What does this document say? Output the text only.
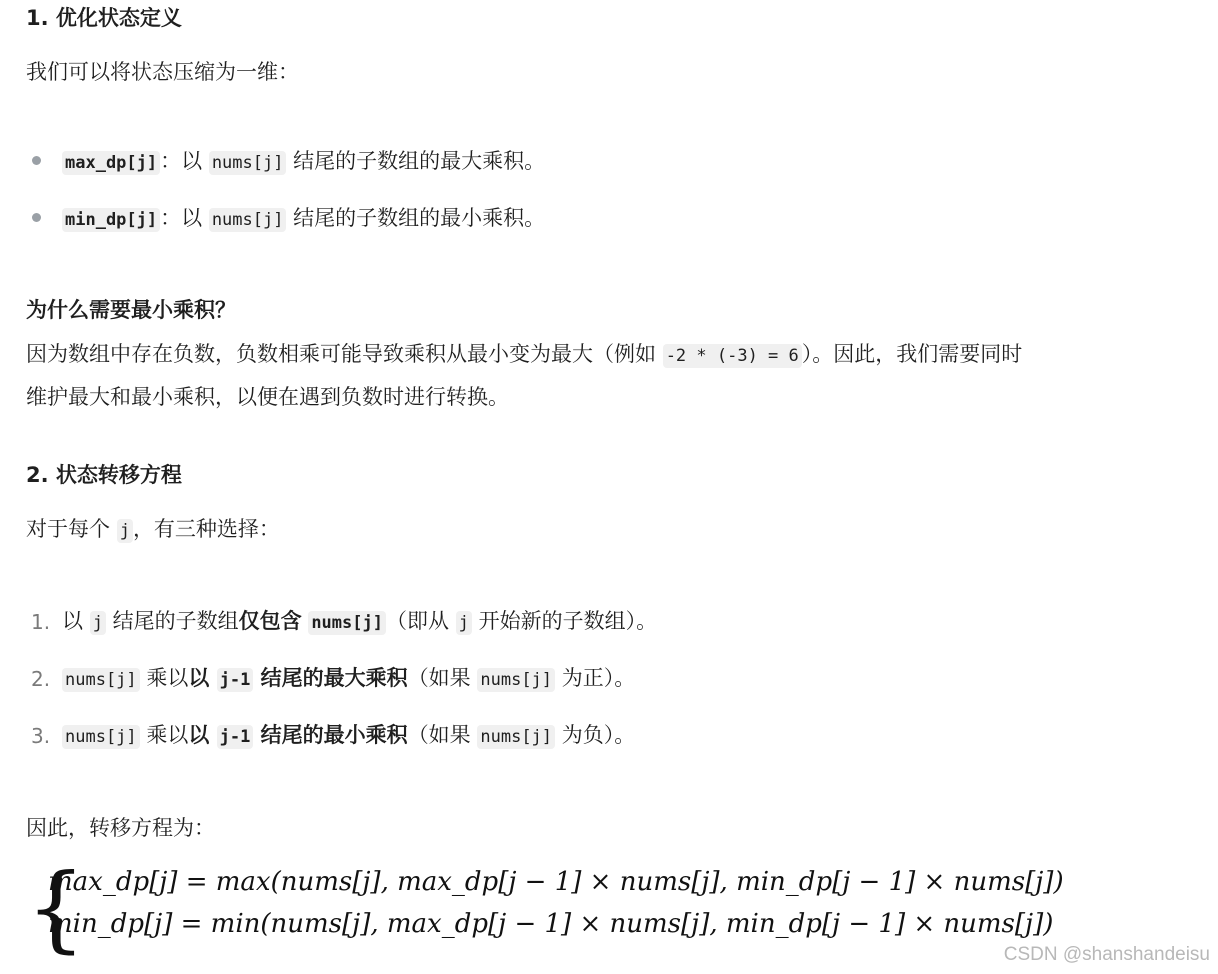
1. 优化状态定义
我们可以将状态压缩为一维：
max_dp[j] ：以 nums[j] 结尾的子数组的最大乘积。
min_dp[j] ：以 nums[j] 结尾的子数组的最小乘积。
为什么需要最小乘积？
因为数组中存在负数，负数相乘可能导致乘积从最小变为最大（例如 -2 * (-3) = 6 ）。因此，我们需要同时
维护最大和最小乘积，以便在遇到负数时进行转换。
2. 状态转移方程
对于每个 j ，有三种选择：
1. 以 j 结尾的子数组仅包含 nums[j] （即从 j 开始新的子数组）。
2. nums[j] 乘以以 j-1 结尾的最大乘积（如果 nums[j] 为正）。
3. nums[j] 乘以以 j-1 结尾的最小乘积（如果 nums[j] 为负）。
因此，转移方程为：
{
max_dp[j] = max(nums[j], max_dp[j − 1] × nums[j], min_dp[j − 1] × nums[j])
min_dp[j] = min(nums[j], max_dp[j − 1] × nums[j], min_dp[j − 1] × nums[j])
CSDN @shanshandeisu
